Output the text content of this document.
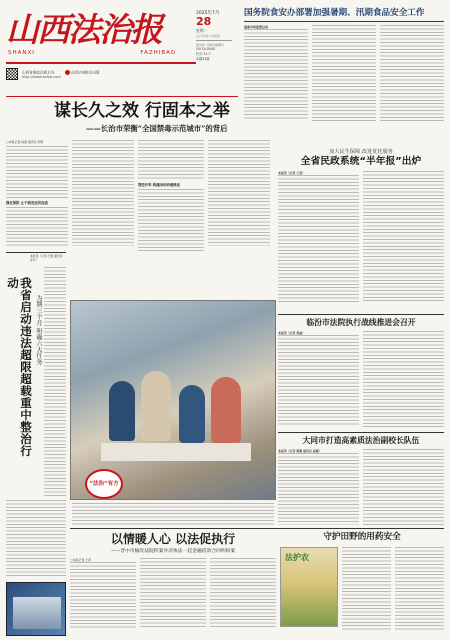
山西法治报
SHANXI	FAZHIBAO
山西省委政法委主办	山西法治报社出版
http://www.sxfzb.com
2025年7月
28
星期一
乙巳年闰六月初四
国内统一连续出版物号
CN 14-0040
代号 21-7
本期12版
国务院食安办部署加强暑期、汛期食品安全工作
国家市场监管总局
谋长久之效 行固本之举
——长治市荣衡“全国禁毒示范城市”的背后
□本报记者 杨强 通讯员 李明
强化预防 止于萌发迎风而进
管控并举 构建闭环治理格局
加大民生保障 改进优化服务
全省民政系统“半年报”出炉
本报讯（记者 王浩）
本报讯（记者 王强 通讯员 李芳）
我省启动违法超限超载重中整治行动
为期三个月 明确六大任务
“法治”有方
临汾市法院执行战线推进会召开
本报讯（记者 张丽）
大同市打造高素质法治副校长队伍
本报讯（记者 陈刚 通讯员 赵敏）
以情暖人心 以法促执行
——晋中市榆次法院积案并济执法一起金融借款合同纠纷案
□本报记者 王莉
守护田野的用药安全
法护农
